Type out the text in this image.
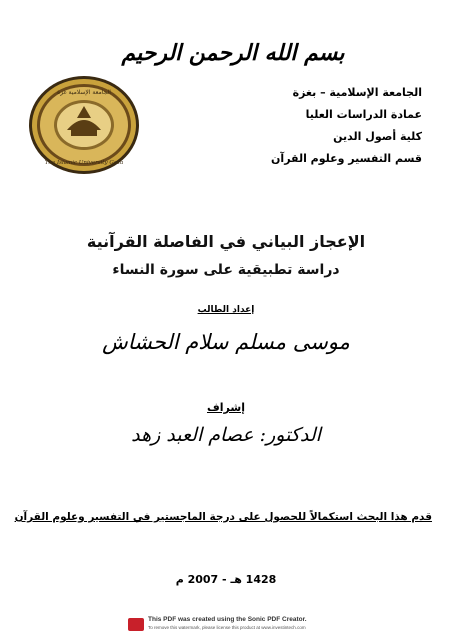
بسم الله الرحمن الرحيم
الجامعة الإسلامية غزة
The Islamic University Gaza
الجامعة الإسلامية – بغزة
عمادة الدراسات العليا
كلية أصول الدين
قسم التفسير وعلوم القرآن
الإعجاز البياني في الفاصلة القرآنية
دراسة تطبيقية على سورة النساء
إعداد الطالب
موسى مسلم سلام الحشاش
إشراف
الدكتور: عصام العبد زهد
قدم هذا البحث استكمالاً للحصول على درجة الماجستير في التفسير وعلوم القرآن
1428 هـ - 2007 م
This PDF was created using the Sonic PDF Creator.
To remove this watermark, please license this product at www.investintech.com
